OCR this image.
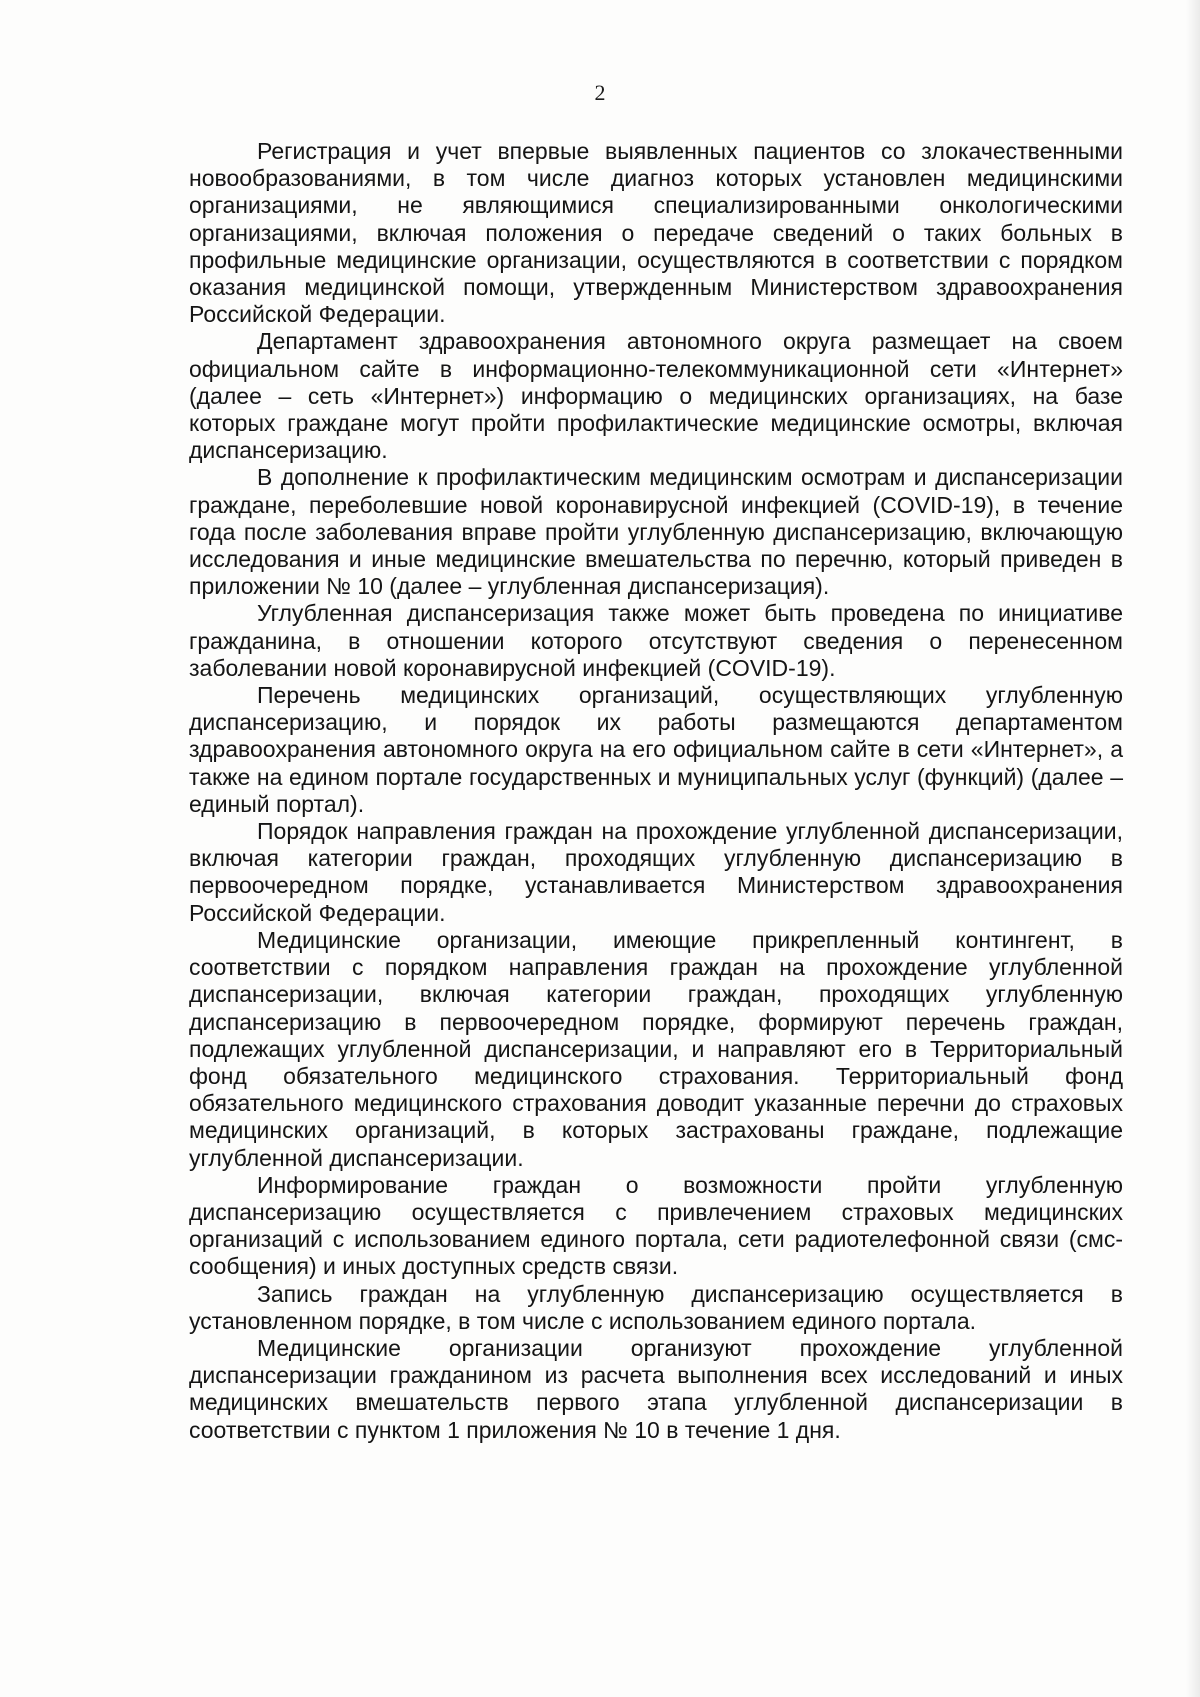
2

Регистрация и учет впервые выявленных пациентов со злокачественными новообразованиями, в том числе диагноз которых установлен медицинскими организациями, не являющимися специализированными онкологическими организациями, включая положения о передаче сведений о таких больных в профильные медицинские организации, осуществляются в соответствии с порядком оказания медицинской помощи, утвержденным Министерством здравоохранения Российской Федерации.

Департамент здравоохранения автономного округа размещает на своем официальном сайте в информационно-телекоммуникационной сети «Интернет» (далее – сеть «Интернет») информацию о медицинских организациях, на базе которых граждане могут пройти профилактические медицинские осмотры, включая диспансеризацию.

В дополнение к профилактическим медицинским осмотрам и диспансеризации граждане, переболевшие новой коронавирусной инфекцией (COVID-19), в течение года после заболевания вправе пройти углубленную диспансеризацию, включающую исследования и иные медицинские вмешательства по перечню, который приведен в приложении № 10 (далее – углубленная диспансеризация).

Углубленная диспансеризация также может быть проведена по инициативе гражданина, в отношении которого отсутствуют сведения о перенесенном заболевании новой коронавирусной инфекцией (COVID-19).

Перечень медицинских организаций, осуществляющих углубленную диспансеризацию, и порядок их работы размещаются департаментом здравоохранения автономного округа на его официальном сайте в сети «Интернет», а также на едином портале государственных и муниципальных услуг (функций) (далее – единый портал).

Порядок направления граждан на прохождение углубленной диспансеризации, включая категории граждан, проходящих углубленную диспансеризацию в первоочередном порядке, устанавливается Министерством здравоохранения Российской Федерации.

Медицинские организации, имеющие прикрепленный контингент, в соответствии с порядком направления граждан на прохождение углубленной диспансеризации, включая категории граждан, проходящих углубленную диспансеризацию в первоочередном порядке, формируют перечень граждан, подлежащих углубленной диспансеризации, и направляют его в Территориальный фонд обязательного медицинского страхования. Территориальный фонд обязательного медицинского страхования доводит указанные перечни до страховых медицинских организаций, в которых застрахованы граждане, подлежащие углубленной диспансеризации.

Информирование граждан о возможности пройти углубленную диспансеризацию осуществляется с привлечением страховых медицинских организаций с использованием единого портала, сети радиотелефонной связи (смс-сообщения) и иных доступных средств связи.

Запись граждан на углубленную диспансеризацию осуществляется в установленном порядке, в том числе с использованием единого портала.

Медицинские организации организуют прохождение углубленной диспансеризации гражданином из расчета выполнения всех исследований и иных медицинских вмешательств первого этапа углубленной диспансеризации в соответствии с пунктом 1 приложения № 10 в течение 1 дня.
